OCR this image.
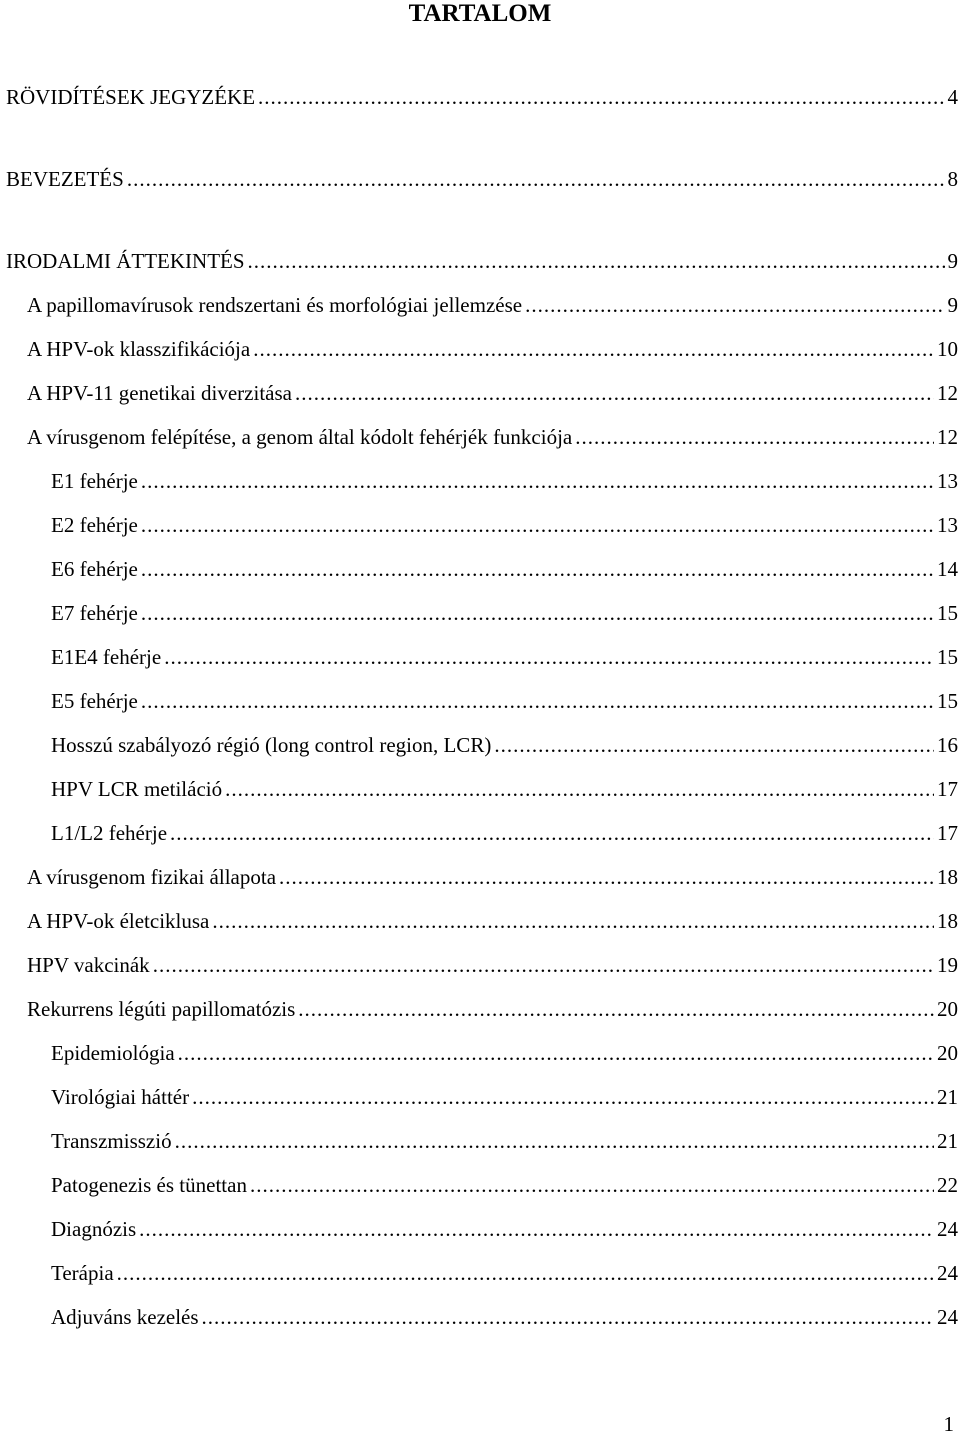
TARTALOM
RÖVIDÍTÉSEK JEGYZÉKE .....	4
BEVEZETÉS .....	8
IRODALMI ÁTTEKINTÉS .....	9
A papillomavírusok rendszertani és morfológiai jellemzése .....	9
A HPV-ok klasszifikációja .....	10
A HPV-11 genetikai diverzitása .....	12
A vírusgenom felépítése, a genom által kódolt fehérjék funkciója .....	12
E1 fehérje .....	13
E2 fehérje .....	13
E6 fehérje .....	14
E7 fehérje .....	15
E1E4 fehérje .....	15
E5 fehérje .....	15
Hosszú szabályozó régió (long control region, LCR) .....	16
HPV LCR metiláció .....	17
L1/L2 fehérje .....	17
A vírusgenom fizikai állapota .....	18
A HPV-ok életciklusa .....	18
HPV vakcinák .....	19
Rekurrens légúti papillomatózis .....	20
Epidemiológia .....	20
Virológiai háttér .....	21
Transzmisszió .....	21
Patogenezis és tünettan .....	22
Diagnózis .....	24
Terápia .....	24
Adjuváns kezelés .....	24
1
